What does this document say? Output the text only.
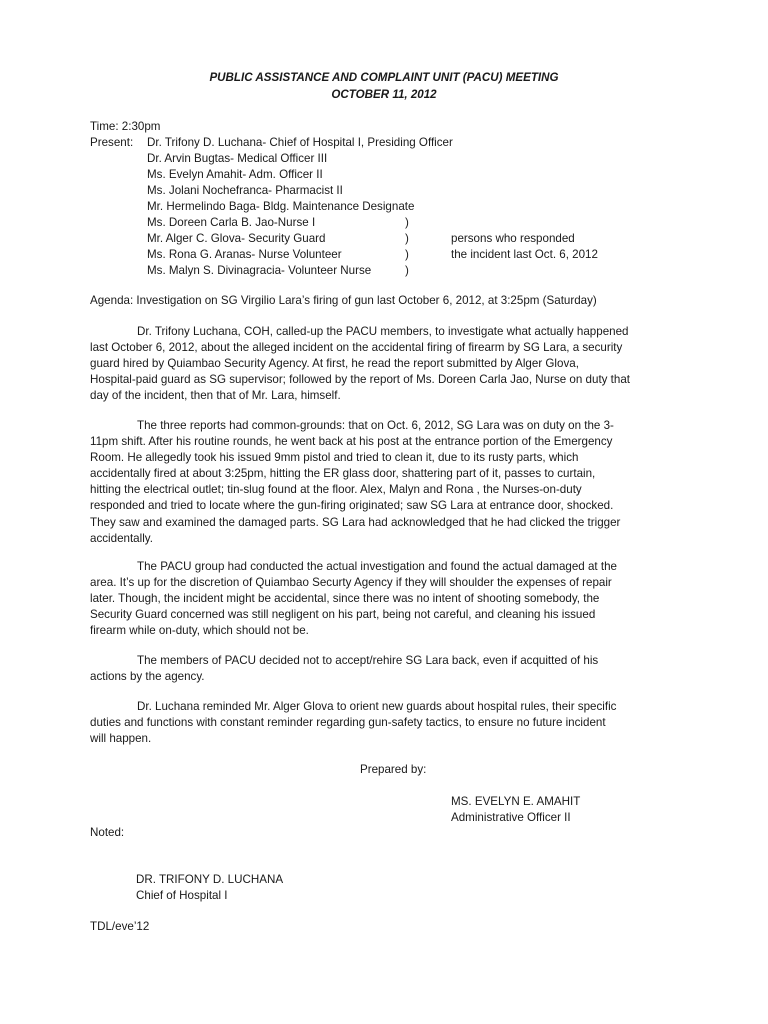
PUBLIC ASSISTANCE AND COMPLAINT UNIT (PACU) MEETING
OCTOBER 11, 2012
Time: 2:30pm
Present: Dr. Trifony D. Luchana- Chief of Hospital I, Presiding Officer
Dr. Arvin Bugtas- Medical Officer III
Ms. Evelyn Amahit- Adm. Officer II
Ms. Jolani Nochefranca- Pharmacist II
Mr. Hermelindo Baga- Bldg. Maintenance Designate
Ms. Doreen Carla B. Jao-Nurse I
Mr. Alger C. Glova- Security Guard
Ms. Rona G. Aranas- Nurse Volunteer
Ms. Malyn S. Divinagracia- Volunteer Nurse
)
)
)
)
persons who responded
the incident last Oct. 6, 2012
Agenda: Investigation on SG Virgilio Lara’s firing of gun last October 6, 2012, at 3:25pm (Saturday)
Dr. Trifony Luchana, COH, called-up the PACU members, to investigate what actually happened
last October 6, 2012, about the alleged incident on the accidental firing of firearm by SG Lara, a security
guard hired by Quiambao Security Agency. At first, he read the report submitted by Alger Glova,
Hospital-paid guard as SG supervisor; followed by the report of Ms. Doreen Carla Jao, Nurse on duty that
day of the incident, then that of Mr. Lara, himself.
The three reports had common-grounds: that on Oct. 6, 2012, SG Lara was on duty on the 3-
11pm shift. After his routine rounds, he went back at his post at the entrance portion of the Emergency
Room. He allegedly took his issued 9mm pistol and tried to clean it, due to its rusty parts, which
accidentally fired at about 3:25pm, hitting the ER glass door, shattering part of it, passes to curtain,
hitting the electrical outlet; tin-slug found at the floor. Alex, Malyn and Rona , the Nurses-on-duty
responded and tried to locate where the gun-firing originated; saw SG Lara at entrance door, shocked.
They saw and examined the damaged parts. SG Lara had acknowledged that he had clicked the trigger
accidentally.
The PACU group had conducted the actual investigation and found the actual damaged at the
area. It’s up for the discretion of Quiambao Securty Agency if they will shoulder the expenses of repair
later. Though, the incident might be accidental, since there was no intent of shooting somebody, the
Security Guard concerned was still negligent on his part, being not careful, and cleaning his issued
firearm while on-duty, which should not be.
The members of PACU decided not to accept/rehire SG Lara back, even if acquitted of his
actions by the agency.
Dr. Luchana reminded Mr. Alger Glova to orient new guards about hospital rules, their specific
duties and functions with constant reminder regarding gun-safety tactics, to ensure no future incident
will happen.
Prepared by:
MS. EVELYN E. AMAHIT
Administrative Officer II
Noted:
DR. TRIFONY D. LUCHANA
Chief of Hospital I
TDL/eve’12
